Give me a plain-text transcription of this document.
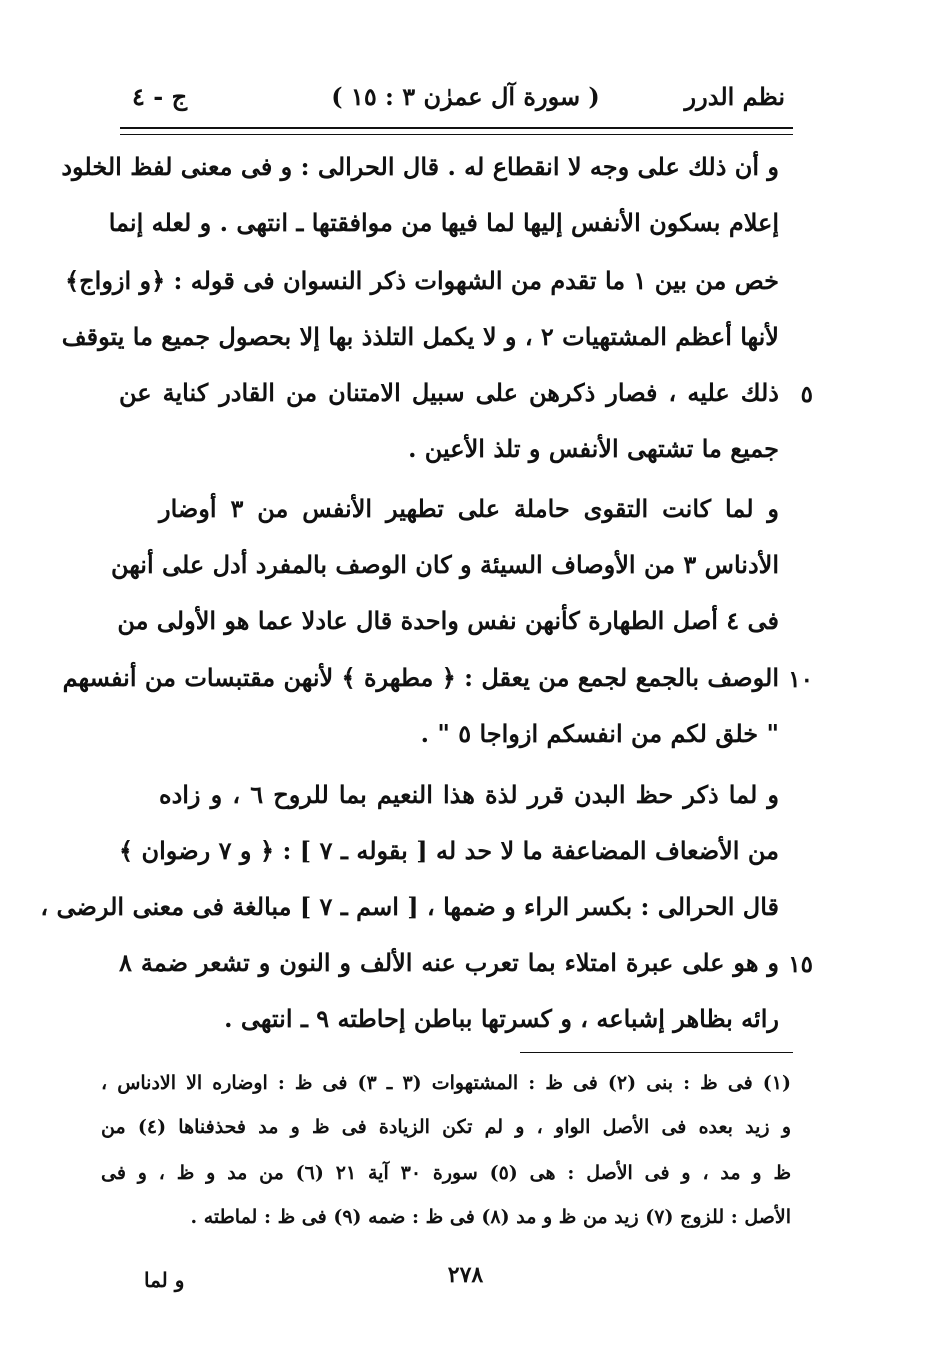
نظم الدرر
( سورة آل عمرٰن ٣ : ١٥ )
ج - ٤
و أن ذلك على وجه لا انقطاع له . قال الحرالى : و فى معنى لفظ الخلود
إعلام بسكون الأنفس إليها لما فيها من موافقتها ـ انتهى . و لعله إنما
خص من بين ١ ما تقدم من الشهوات ذكر النسوان فى قوله : ﴿و ازواج﴾
لأنها أعظم المشتهيات ٢ ، و لا يكمل التلذذ بها إلا بحصول جميع ما يتوقف
ذلك عليه ، فصار ذكرهن على سبيل الامتنان من القادر كناية عن ٥
جميع ما تشتهى الأنفس و تلذ الأعين .
و لما كانت التقوى حاملة على تطهير الأنفس من ٣ أوضار
الأدناس ٣ من الأوصاف السيئة و كان الوصف بالمفرد أدل على أنهن
فى ٤ أصل الطهارة كأنهن نفس واحدة قال عادلا عما هو الأولى من
الوصف بالجمع لجمع من يعقل : ﴿ مطهرة ﴾ لأنهن مقتبسات من أنفسهم ١٠
" خلق لكم من انفسكم ازواجا ٥ " .
و لما ذكر حظ البدن قرر لذة هذا النعيم بما للروح ٦ ، و زاده
من الأضعاف المضاعفة ما لا حد له [ بقوله ـ ٧ ] : ﴿ و ٧ رضوان ﴾
قال الحرالى : بكسر الراء و ضمها ، [ اسم ـ ٧ ] مبالغة فى معنى الرضى ،
و هو على عبرة امتلاء بما تعرب عنه الألف و النون و تشعر ضمة ٨ ١٥
رائه بظاهر إشباعه ، و كسرتها بباطن إحاطته ٩ ـ انتهى .
(١) فى ظ : بنى (٢) فى ظ : المشتهوات (٣ ـ ٣) فى ظ : اوضاره الا الادناس ،
و زيد بعده فى الأصل الواو ، و لم تكن الزيادة فى ظ و مد فحذفناها (٤) من
ظ و مد ، و فى الأصل : هى (٥) سورة ٣٠ آية ٢١ (٦) من مد و ظ ، و فى
الأصل : للزوج (٧) زيد من ظ و مد (٨) فى ظ : ضمه (٩) فى ظ : لماطته .
٢٧٨
و لما
